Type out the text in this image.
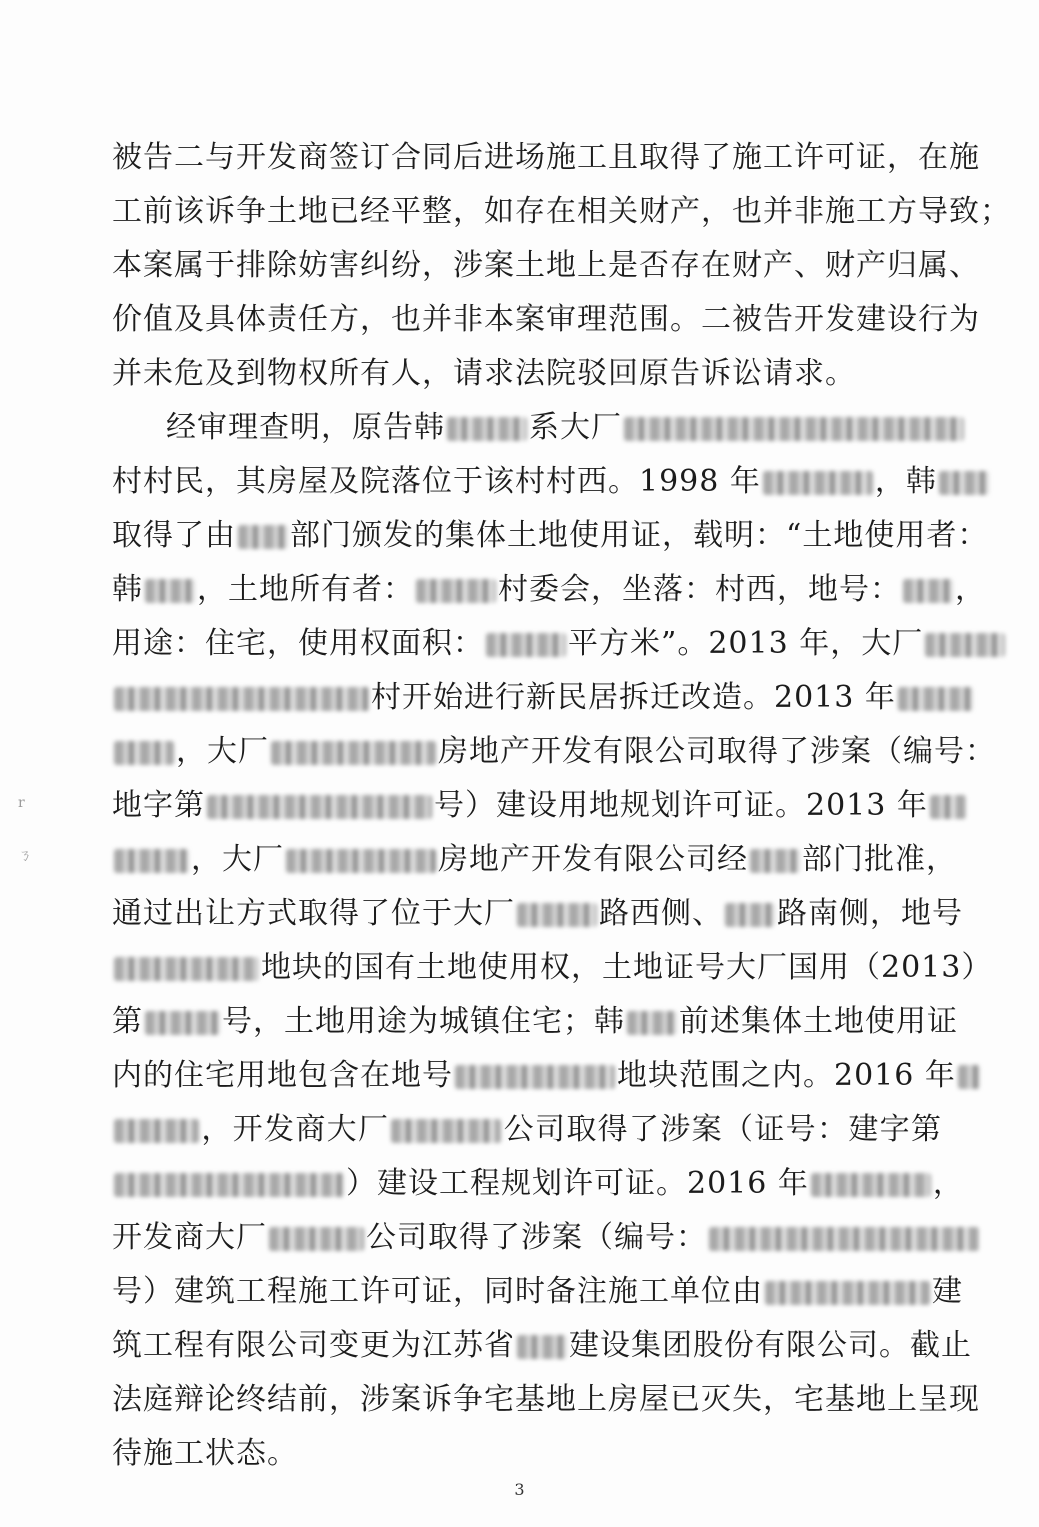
被告二与开发商签订合同后进场施工且取得了施工许可证，在施
工前该诉争土地已经平整，如存在相关财产，也并非施工方导致；
本案属于排除妨害纠纷，涉案土地上是否存在财产、财产归属、
价值及具体责任方，也并非本案审理范围。二被告开发建设行为
并未危及到物权所有人，请求法院驳回原告诉讼请求。
经审理查明，原告韩	系大厂
村村民，其房屋及院落位于该村村西。1998 年	，韩
取得了由 部门颁发的集体土地使用证，载明：“土地使用者：
韩 ，土地所有者：	村委会，坐落：村西，地号： ，
用途：住宅，使用权面积：	平方米”。2013 年，大厂
村开始进行新民居拆迁改造。2013 年
，大厂	房地产开发有限公司取得了涉案（编号：
地字第	号）建设用地规划许可证。2013 年
，大厂	房地产开发有限公司经 部门批准，
通过出让方式取得了位于大厂	路西侧、 路南侧，地号
地块的国有土地使用权，土地证号大厂国用（2013）
第	号，土地用途为城镇住宅；韩 前述集体土地使用证
内的住宅用地包含在地号	地块范围之内。2016 年
，开发商大厂	公司取得了涉案（证号：建字第
）建设工程规划许可证。2016 年	，
开发商大厂	公司取得了涉案（编号：
号）建筑工程施工许可证，同时备注施工单位由	建
筑工程有限公司变更为江苏省 建设集团股份有限公司。截止
法庭辩论终结前，涉案诉争宅基地上房屋已灭失，宅基地上呈现
待施工状态。
3
r
ㄋ
